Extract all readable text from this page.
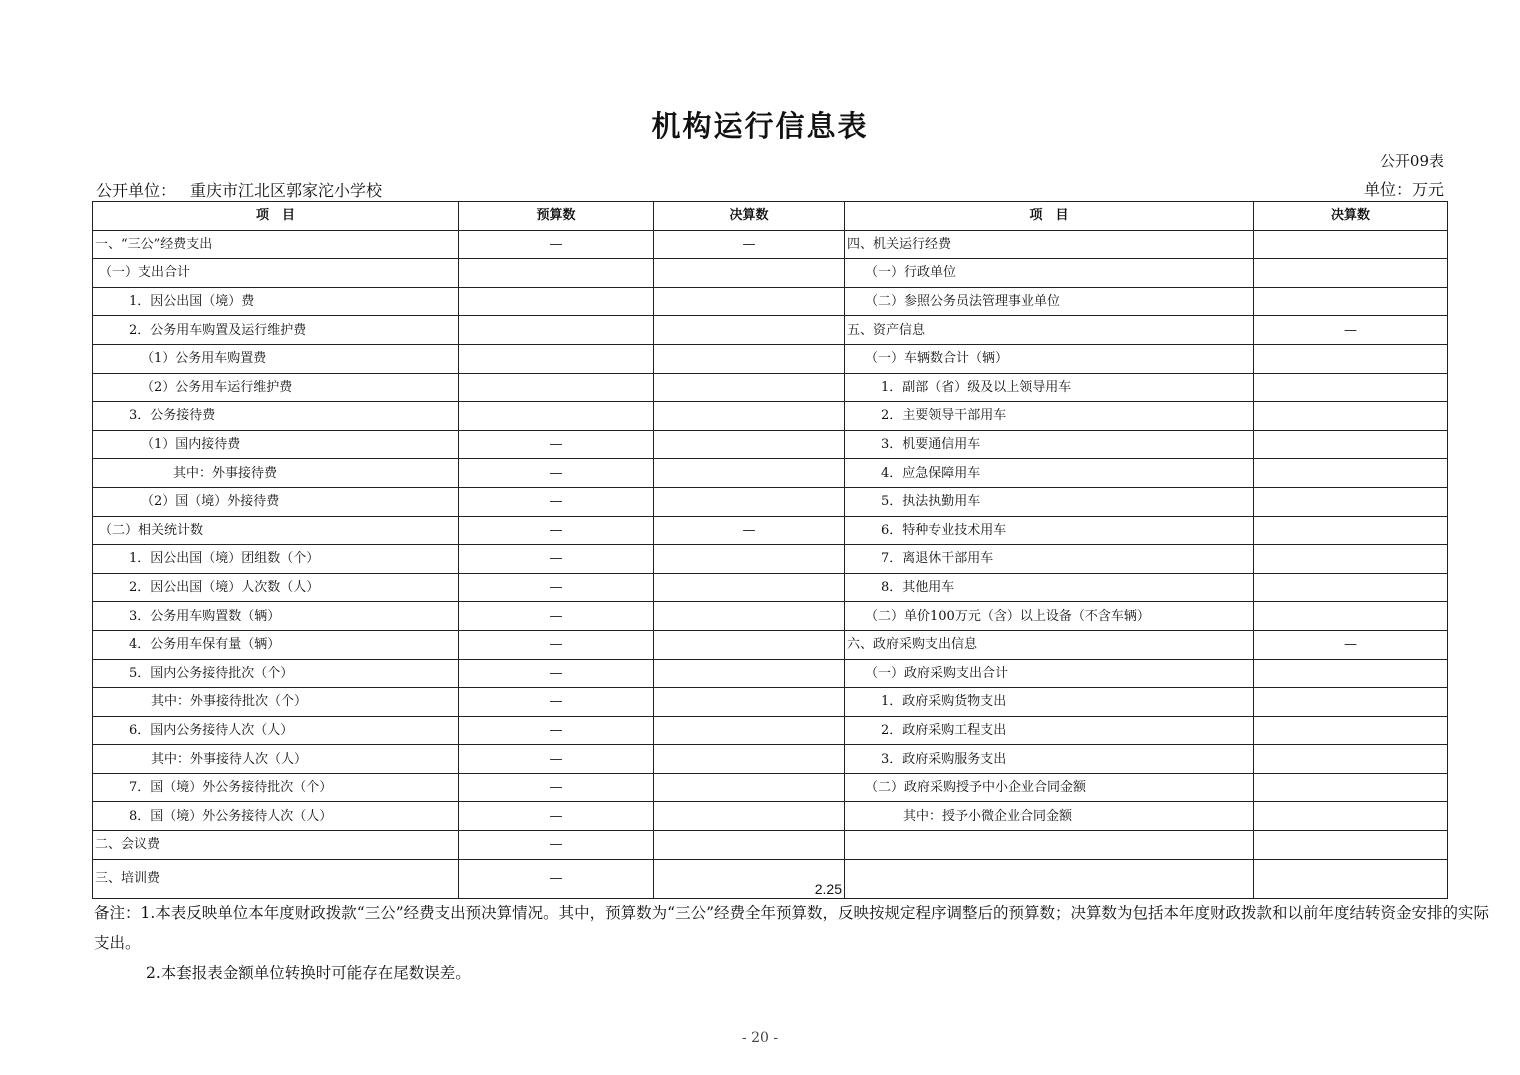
机构运行信息表
公开09表
公开单位： 重庆市江北区郭家沱小学校	单位：万元
项　目	预算数	决算数	项　目	决算数
一、“三公”经费支出	—	—	四、机关运行经费	
（一）支出合计			（一）行政单位	
1．因公出国（境）费			（二）参照公务员法管理事业单位	
2．公务用车购置及运行维护费			五、资产信息	—
（1）公务用车购置费			（一）车辆数合计（辆）	
（2）公务用车运行维护费			1．副部（省）级及以上领导用车	
3．公务接待费			2．主要领导干部用车	
（1）国内接待费	—		3．机要通信用车	
其中：外事接待费	—		4．应急保障用车	
（2）国（境）外接待费	—		5．执法执勤用车	
（二）相关统计数	—	—	6．特种专业技术用车	
1．因公出国（境）团组数（个）	—		7．离退休干部用车	
2．因公出国（境）人次数（人）	—		8．其他用车	
3．公务用车购置数（辆）	—		（二）单价100万元（含）以上设备（不含车辆）	
4．公务用车保有量（辆）	—		六、政府采购支出信息	—
5．国内公务接待批次（个）	—		（一）政府采购支出合计	
其中：外事接待批次（个）	—		1．政府采购货物支出	
6．国内公务接待人次（人）	—		2．政府采购工程支出	
其中：外事接待人次（人）	—		3．政府采购服务支出	
7．国（境）外公务接待批次（个）	—		（二）政府采购授予中小企业合同金额	
8．国（境）外公务接待人次（人）	—		其中：授予小微企业合同金额	
二、会议费	—			
三、培训费	—	2.25		
备注：1.本表反映单位本年度财政拨款“三公”经费支出预决算情况。其中，预算数为“三公”经费全年预算数，反映按规定程序调整后的预算数；决算数为包括本年度财政拨款和以前年度结转资金安排的实际支出。
2.本套报表金额单位转换时可能存在尾数误差。
- 20 -
